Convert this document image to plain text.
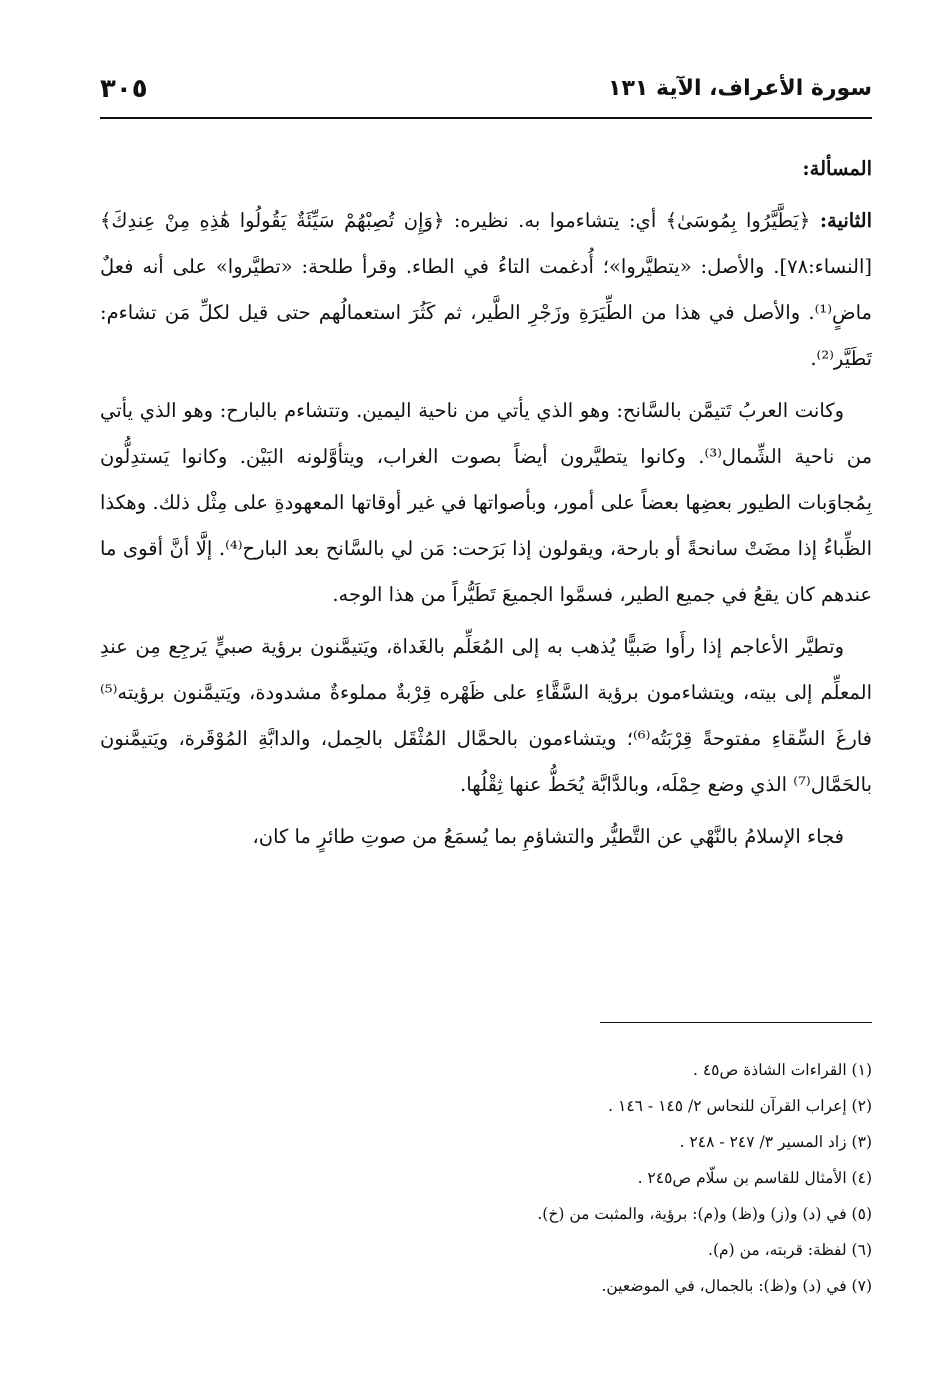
سورة الأعراف، الآية ١٣١
٣٠٥

المسألة:

الثانية: ﴿يَطَّيَّرُوا بِمُوسَىٰ﴾ أي: يتشاءموا به. نظيره: ﴿وَإِن تُصِبْهُمْ سَيِّئَةٌ يَقُولُوا هَٰذِهِ مِنْ عِندِكَ﴾ [النساء:٧٨]. والأصل: «يتطيَّروا»؛ أُدغمت التاءُ في الطاء. وقرأ طلحة: «تطيَّروا» على أنه فعلٌ ماضٍ⁽¹⁾. والأصل في هذا من الطِّيَرَةِ وزَجْرِ الطَّير، ثم كَثُرَ استعمالُهم حتى قيل لكلِّ مَن تشاءم: تَطَيَّر⁽²⁾.

وكانت العربُ تَتيمَّن بالسَّانح: وهو الذي يأتي من ناحية اليمين. وتتشاءم بالبارح: وهو الذي يأتي من ناحية الشِّمال⁽³⁾. وكانوا يتطيَّرون أيضاً بصوت الغراب، ويتأوَّلونه البَيْن. وكانوا يَستدِلُّون بِمُجاوَبات الطيور بعضِها بعضاً على أمور، وبأصواتها في غير أوقاتها المعهودةِ على مِثْل ذلك. وهكذا الظِّباءُ إذا مضَتْ سانحةً أو بارحة، ويقولون إذا بَرَحت: مَن لي بالسَّانح بعد البارح⁽⁴⁾. إلَّا أنَّ أقوى ما عندهم كان يقعُ في جميع الطير، فسمَّوا الجميعَ تَطَيُّراً من هذا الوجه.

وتطيَّر الأعاجم إذا رأَوا صَبيًّا يُذهب به إلى المُعَلِّم بالغَداة، ويَتيمَّنون برؤية صبيٍّ يَرجِع مِن عندِ المعلِّم إلى بيته، ويتشاءمون برؤية السَّقَّاءِ على ظَهْره قِرْبةٌ مملوءةٌ مشدودة، ويَتيمَّنون برؤيته⁽⁵⁾ فارغَ السِّقاءِ مفتوحةً قِرْبَتُه⁽⁶⁾؛ ويتشاءمون بالحمَّال المُثْقَل بالحِمل، والدابَّةِ المُوْقَرة، ويَتيمَّنون بالحَمَّال⁽⁷⁾ الذي وضع حِمْلَه، وبالدَّابَّة يُحَطُّ عنها ثِقْلُها.

فجاء الإسلامُ بالنَّهْي عن التَّطيُّر والتشاؤمِ بما يُسمَعُ من صوتِ طائرٍ ما كان،

(١) القراءات الشاذة ص٤٥ .
(٢) إعراب القرآن للنحاس ٢/ ١٤٥ - ١٤٦ .
(٣) زاد المسير ٣/ ٢٤٧ - ٢٤٨ .
(٤) الأمثال للقاسم بن سلّام ص٢٤٥ .
(٥) في (د) و(ز) و(ظ) و(م): برؤية، والمثبت من (خ).
(٦) لفظة: قربته، من (م).
(٧) في (د) و(ظ): بالجمال، في الموضعين.
